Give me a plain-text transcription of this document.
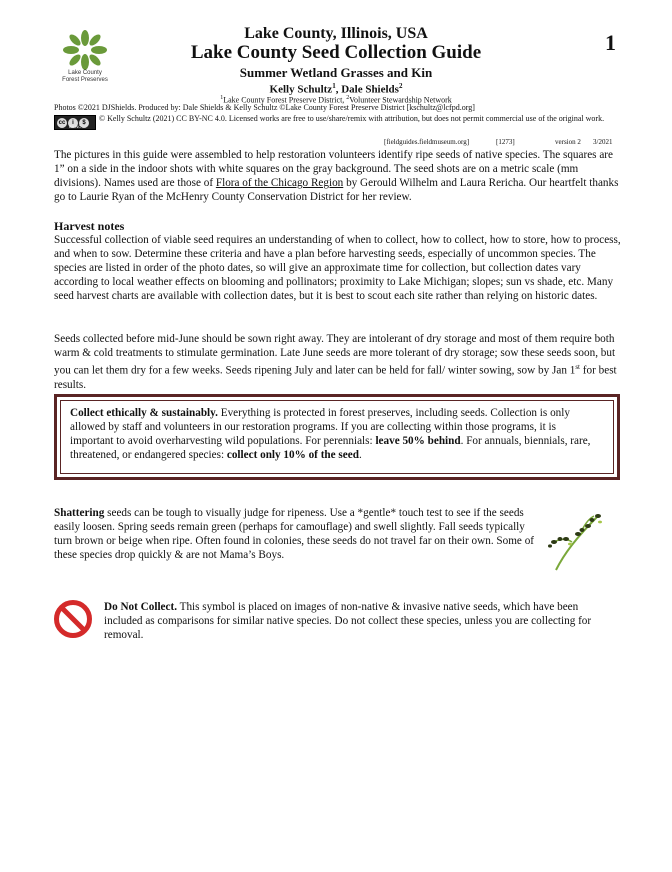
Lake County
Forest Preserves
1
Lake County, Illinois, USA
Lake County Seed Collection Guide
Summer Wetland Grasses and Kin
Kelly Schultz$^1$, Dale Shields$^2$
$^1$Lake County Forest Preserve District, $^2$Volunteer Stewardship Network
Photos ©2021 DJShields. Produced by: Dale Shields & Kelly Schultz ©Lake County Forest Preserve District [kschultz@lcfpd.org]
cc	i	$
BY NC
© Kelly Schultz (2021) CC BY-NC 4.0. Licensed works are free to use/share/remix with attribution, but does not permit commercial use of the original work.
[fieldguides.fieldmuseum.org]	[1273]	version 2 3/2021

The pictures in this guide were assembled to help restoration volunteers identify ripe seeds of native species. The squares are 1” on a side in the indoor shots with white squares on the gray background. The seed shots are on a metric scale (mm divisions). Names used are those of Flora of the Chicago Region by Gerould Wilhelm and Laura Rericha. Our heartfelt thanks go to Laurie Ryan of the McHenry County Conservation District for her review.

Harvest notes

Successful collection of viable seed requires an understanding of when to collect, how to collect, how to store, how to process, and when to sow. Determine these criteria and have a plan before harvesting seeds, especially of uncommon species. The species are listed in order of the photo dates, so will give an approximate time for collection, but collection dates vary according to local weather effects on blooming and pollinators; proximity to Lake Michigan; slopes; sun vs shade, etc. Many seed harvest charts are available with collection dates, but it is best to scout each site rather than relying on historic dates.

Seeds collected before mid-June should be sown right away. They are intolerant of dry storage and most of them require both warm & cold treatments to stimulate germination. Late June seeds are more tolerant of dry storage; sow these seeds soon, but you can let them dry for a few weeks. Seeds ripening July and later can be held for fall/ winter sowing, sow by Jan 1st for best results.

Collect ethically & sustainably. Everything is protected in forest preserves, including seeds. Collection is only allowed by staff and volunteers in our restoration programs. If you are collecting within those programs, it is important to avoid overharvesting wild populations. For perennials: leave 50% behind. For annuals, biennials, rare, threatened, or endangered species: collect only 10% of the seed.

Shattering seeds can be tough to visually judge for ripeness. Use a *gentle* touch test to see if the seeds easily loosen. Spring seeds remain green (perhaps for camouflage) and swell slightly. Fall seeds typically turn brown or beige when ripe. Often found in colonies, these seeds do not travel far on their own. Some of these species drop quickly & are not Mama’s Boys.

Do Not Collect. This symbol is placed on images of non-native & invasive native seeds, which have been included as comparisons for similar native species. Do not collect these species, unless you are collecting for removal.
